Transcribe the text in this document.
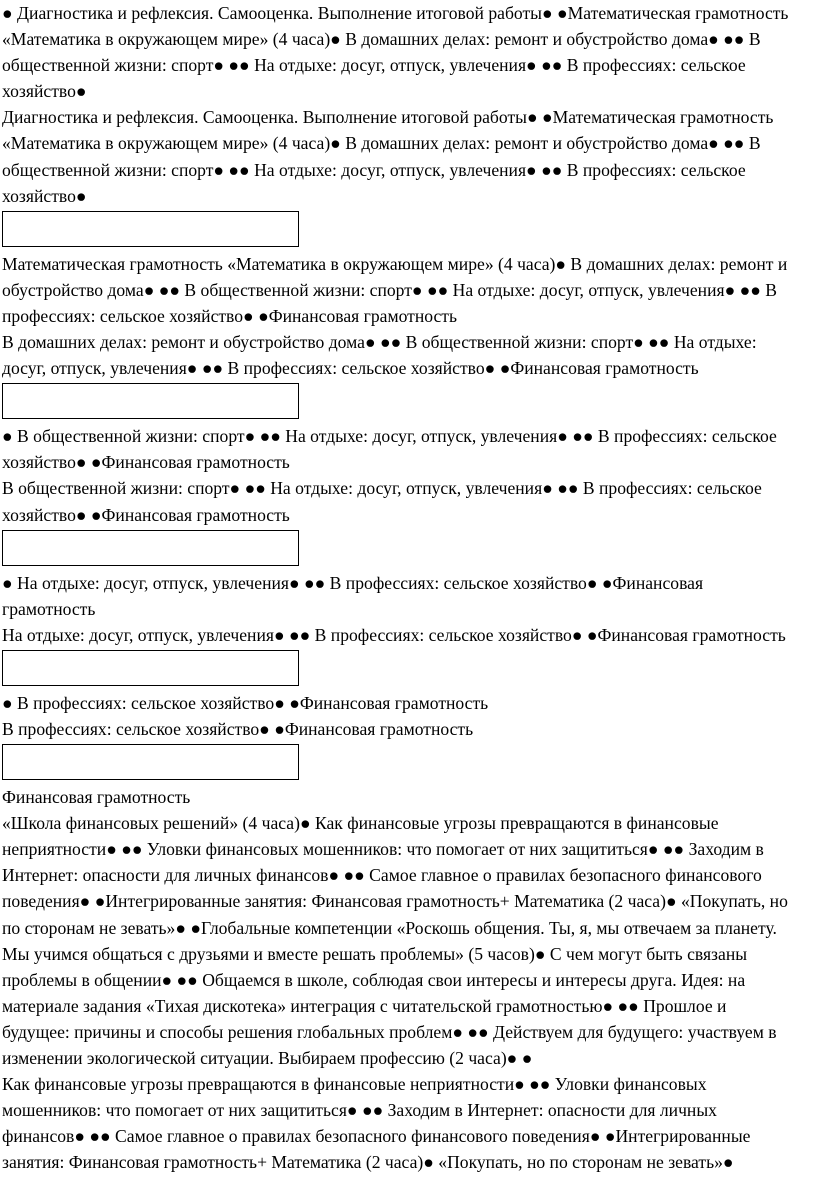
● Диагностика и рефлексия. Самооценка. Выполнение итоговой работы● ●Математическая грамотность «Математика в окружающем мире» (4 часа)● В домашних делах: ремонт и обустройство дома● ●● В общественной жизни: спорт● ●● На отдыхе: досуг, отпуск, увлечения● ●● В профессиях: сельское хозяйство●

Диагностика и рефлексия. Самооценка. Выполнение итоговой работы● ●Математическая грамотность «Математика в окружающем мире» (4 часа)● В домашних делах: ремонт и обустройство дома● ●● В общественной жизни: спорт● ●● На отдыхе: досуг, отпуск, увлечения● ●● В профессиях: сельское хозяйство●

Математическая грамотность «Математика в окружающем мире» (4 часа)● В домашних делах: ремонт и обустройство дома● ●● В общественной жизни: спорт● ●● На отдыхе: досуг, отпуск, увлечения● ●● В профессиях: сельское хозяйство● ●Финансовая грамотность

В домашних делах: ремонт и обустройство дома● ●● В общественной жизни: спорт● ●● На отдыхе: досуг, отпуск, увлечения● ●● В профессиях: сельское хозяйство● ●Финансовая грамотность

● В общественной жизни: спорт● ●● На отдыхе: досуг, отпуск, увлечения● ●● В профессиях: сельское хозяйство● ●Финансовая грамотность

В общественной жизни: спорт● ●● На отдыхе: досуг, отпуск, увлечения● ●● В профессиях: сельское хозяйство● ●Финансовая грамотность

● На отдыхе: досуг, отпуск, увлечения● ●● В профессиях: сельское хозяйство● ●Финансовая грамотность

На отдыхе: досуг, отпуск, увлечения● ●● В профессиях: сельское хозяйство● ●Финансовая грамотность

● В профессиях: сельское хозяйство● ●Финансовая грамотность

В профессиях: сельское хозяйство● ●Финансовая грамотность

Финансовая грамотность

«Школа финансовых решений» (4 часа)● Как финансовые угрозы превращаются в финансовые неприятности● ●● Уловки финансовых мошенников: что помогает от них защититься● ●● Заходим в Интернет: опасности для личных финансов● ●● Самое главное о правилах безопасного финансового поведения● ●Интегрированные занятия: Финансовая грамотность+ Математика (2 часа)● «Покупать, но по сторонам не зевать»● ●Глобальные компетенции «Роскошь общения. Ты, я, мы отвечаем за планету. Мы учимся общаться с друзьями и вместе решать проблемы» (5 часов)● С чем могут быть связаны проблемы в общении● ●● Общаемся в школе, соблюдая свои интересы и интересы друга. Идея: на материале задания «Тихая дискотека» интеграция с читательской грамотностью● ●● Прошлое и будущее: причины и способы решения глобальных проблем● ●● Действуем для будущего: участвуем в изменении экологической ситуации. Выбираем профессию (2 часа)● ●

Как финансовые угрозы превращаются в финансовые неприятности● ●● Уловки финансовых мошенников: что помогает от них защититься● ●● Заходим в Интернет: опасности для личных финансов● ●● Самое главное о правилах безопасного финансового поведения● ●Интегрированные занятия: Финансовая грамотность+ Математика (2 часа)● «Покупать, но по сторонам не зевать»●
